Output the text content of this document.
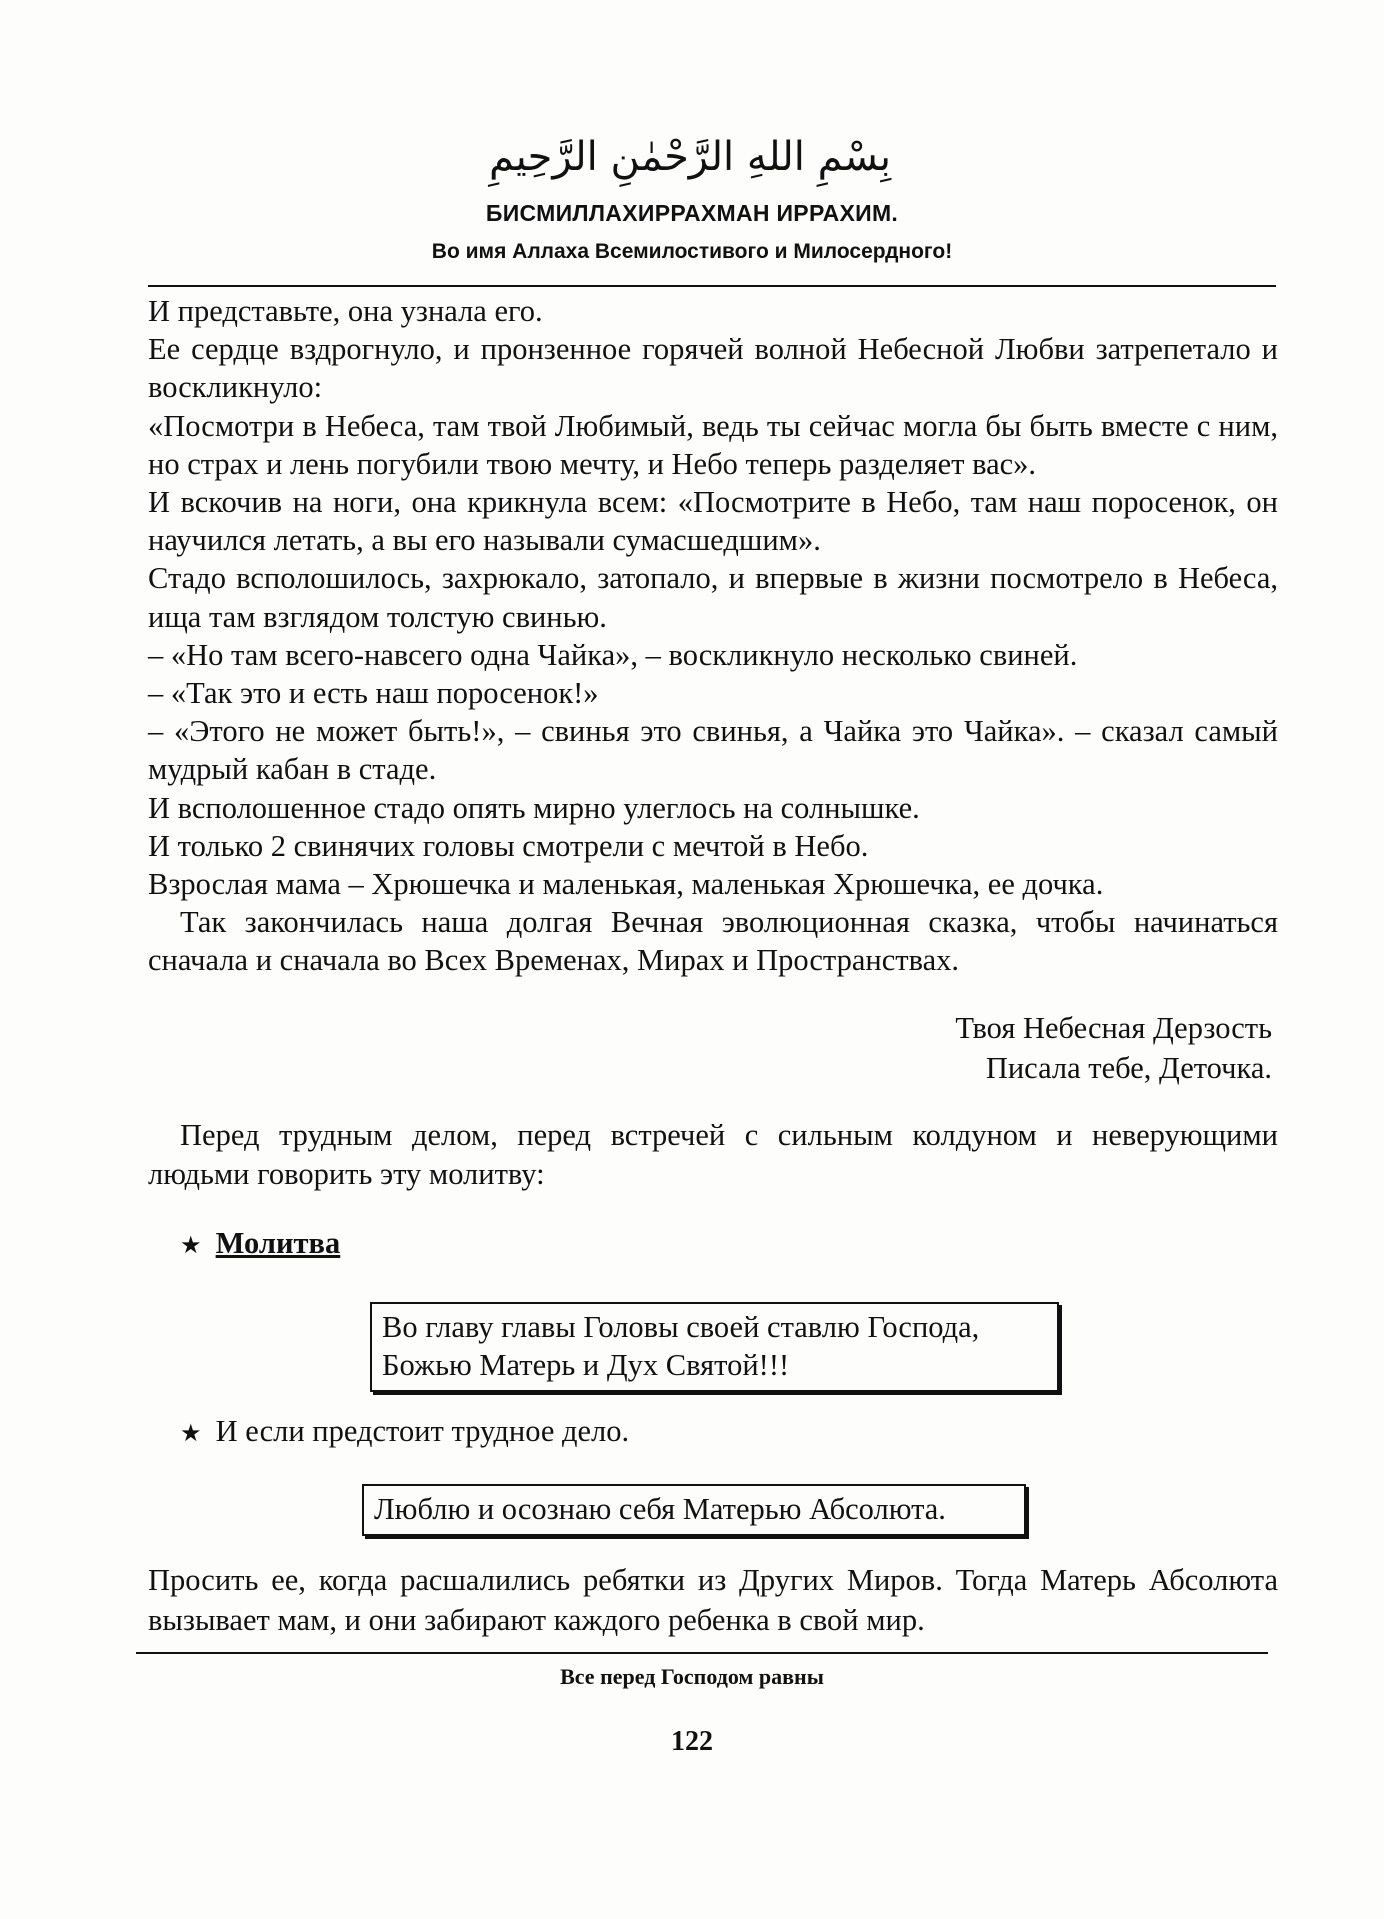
بِسْمِ اللهِ الرَّحْمٰنِ الرَّحِيمِ
БИСМИЛЛАХИРРАХМАН ИРРАХИМ.
Во имя Аллаха Всемилостивого и Милосердного!

И представьте, она узнала его.

Ее сердце вздрогнуло, и пронзенное горячей волной Небесной Любви затрепетало и воскликнуло:

«Посмотри в Небеса, там твой Любимый, ведь ты сейчас могла бы быть вместе с ним, но страх и лень погубили твою мечту, и Небо теперь разделяет вас».

И вскочив на ноги, она крикнула всем: «Посмотрите в Небо, там наш поросенок, он научился летать, а вы его называли сумасшедшим».

Стадо всполошилось, захрюкало, затопало, и впервые в жизни посмотрело в Небеса, ища там взглядом толстую свинью.

– «Но там всего-навсего одна Чайка», – воскликнуло несколько свиней.

– «Так это и есть наш поросенок!»

– «Этого не может быть!», – свинья это свинья, а Чайка это Чайка». – сказал самый мудрый кабан в стаде.

И всполошенное стадо опять мирно улеглось на солнышке.

И только 2 свинячих головы смотрели с мечтой в Небо.

Взрослая мама – Хрюшечка и маленькая, маленькая Хрюшечка, ее дочка.

Так закончилась наша долгая Вечная эволюционная сказка, чтобы начинаться сначала и сначала во Всех Временах, Мирах и Пространствах.

Твоя Небесная Дерзость
Писала тебе, Деточка.

Перед трудным делом, перед встречей с сильным колдуном и неверующими людьми говорить эту молитву:

★ Молитва
Во главу главы Головы своей ставлю Господа,
Божью Матерь и Дух Святой!!!
★ И если предстоит трудное дело.
Люблю и осознаю себя Матерью Абсолюта.

Просить ее, когда расшалились ребятки из Других Миров. Тогда Матерь Абсолюта вызывает мам, и они забирают каждого ребенка в свой мир.

Все перед Господом равны
122
